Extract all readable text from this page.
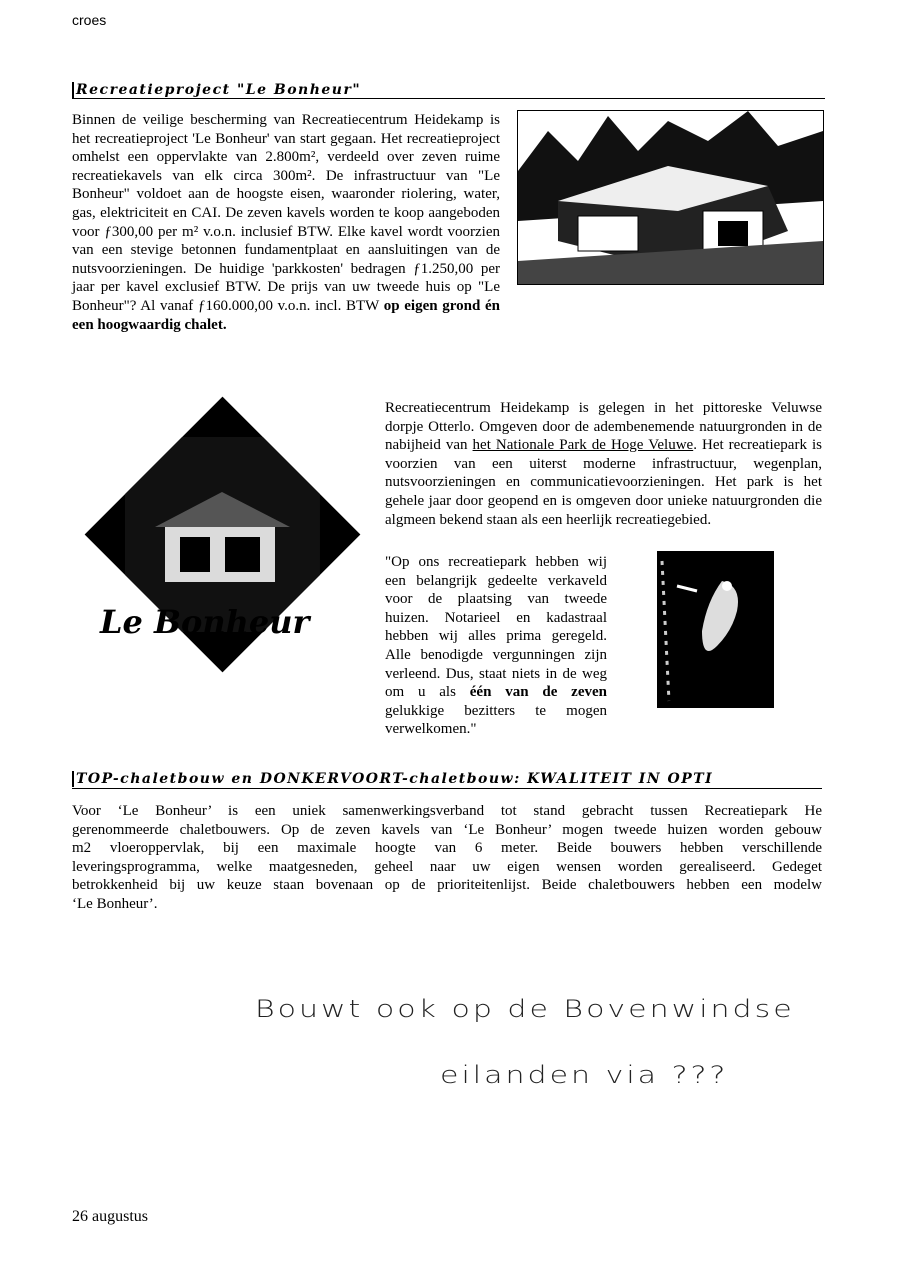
croes
Recreatieproject "Le Bonheur"
Binnen de veilige bescherming van Recreatiecentrum Heidekamp is het recreatieproject 'Le Bonheur' van start gegaan. Het recreatieproject omhelst een oppervlakte van 2.800m², verdeeld over zeven ruime recreatiekavels van elk circa 300m². De infrastructuur van "Le Bonheur" voldoet aan de hoogste eisen, waaronder riolering, water, gas, elektriciteit en CAI. De zeven kavels worden te koop aangeboden voor ƒ300,00 per m² v.o.n. inclusief BTW. Elke kavel wordt voorzien van een stevige betonnen fundamentplaat en aansluitingen van de nutsvoorzieningen. De huidige 'parkkosten' bedragen ƒ1.250,00 per jaar per kavel exclusief BTW. De prijs van uw tweede huis op "Le Bonheur"? Al vanaf ƒ160.000,00 v.o.n. incl. BTW op eigen grond én een hoogwaardig chalet.
Le Bonheur
Recreatiecentrum Heidekamp is gelegen in het pittoreske Veluwse dorpje Otterlo. Omgeven door de adembenemende natuurgronden in de nabijheid van het Nationale Park de Hoge Veluwe. Het recreatiepark is voorzien van een uiterst moderne infrastructuur, wegenplan, nutsvoorzieningen en communicatievoorzieningen. Het park is het gehele jaar door geopend en is omgeven door unieke natuurgronden die algmeen bekend staan als een heerlijk recreatiegebied.
"Op ons recreatiepark hebben wij een belangrijk gedeelte verkaveld voor de plaatsing van tweede huizen. Notarieel en kadastraal hebben wij alles prima geregeld. Alle benodigde vergunningen zijn verleend. Dus, staat niets in de weg om u als één van de zeven gelukkige bezitters te mogen verwelkomen."
TOP-chaletbouw en DONKERVOORT-chaletbouw: KWALITEIT IN OPTI
Voor ‘Le Bonheur’ is een uniek samenwerkingsverband tot stand gebracht tussen Recreatiepark He
gerenommeerde chaletbouwers. Op de zeven kavels van ‘Le Bonheur’ mogen tweede huizen worden gebouw
m2 vloeroppervlak, bij een maximale hoogte van 6 meter. Beide bouwers hebben verschillende
leveringsprogramma, welke maatgesneden, geheel naar uw eigen wensen worden gerealiseerd. Gedeget
betrokkenheid bij uw keuze staan bovenaan op de prioriteitenlijst. Beide chaletbouwers hebben een modelw
‘Le Bonheur’.
Bouwt ook op de Bovenwindse
eilanden via ???
26 augustus
